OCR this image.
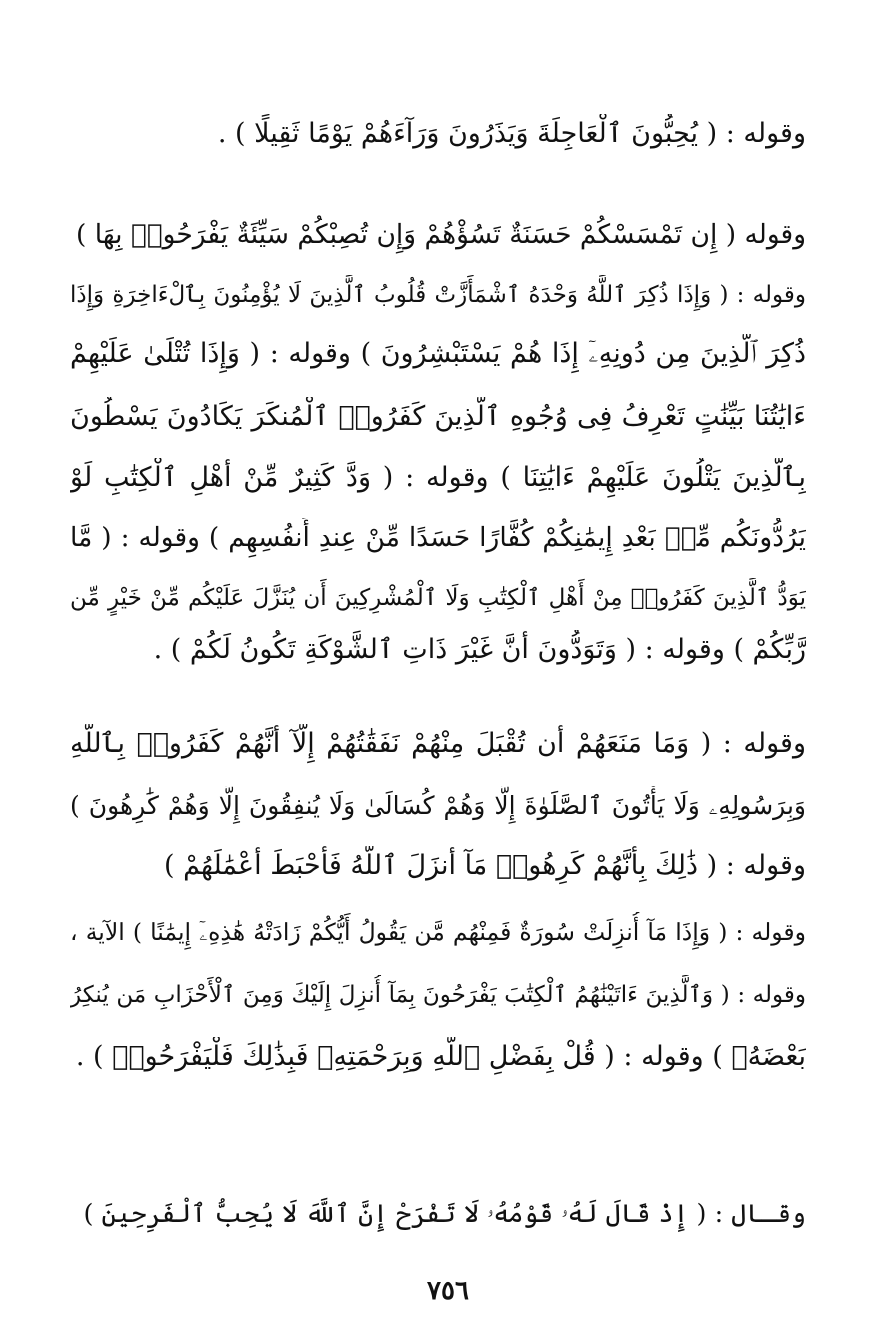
وقوله : ( يُحِبُّونَ ٱلْعَاجِلَةَ وَيَذَرُونَ وَرَآءَهُمْ يَوْمًا ثَقِيلًا ) .
وقوله ( إِن تَمْسَسْكُمْ حَسَنَةٌ تَسُؤْهُمْ وَإِن تُصِبْكُمْ سَيِّئَةٌ يَفْرَحُوا۟ بِهَا )
وقوله : ( وَإِذَا ذُكِرَ ٱللَّهُ وَحْدَهُ ٱشْمَأَزَّتْ قُلُوبُ ٱلَّذِينَ لَا يُؤْمِنُونَ بِٱلْءَاخِرَةِ وَإِذَا
ذُكِرَ ٱلَّذِينَ مِن دُونِهِۦٓ إِذَا هُمْ يَسْتَبْشِرُونَ ) وقوله : ( وَإِذَا تُتْلَىٰ عَلَيْهِمْ
ءَايَٰتُنَا بَيِّنَٰتٍ تَعْرِفُ فِى وُجُوهِ ٱلَّذِينَ كَفَرُوا۟ ٱلْمُنكَرَ يَكَادُونَ يَسْطُونَ
بِٱلَّذِينَ يَتْلُونَ عَلَيْهِمْ ءَايَٰتِنَا ) وقوله : ( وَدَّ كَثِيرٌ مِّنْ أَهْلِ ٱلْكِتَٰبِ لَوْ
يَرُدُّونَكُم مِّنۢ بَعْدِ إِيمَٰنِكُمْ كُفَّارًا حَسَدًا مِّنْ عِندِ أَنفُسِهِم ) وقوله : ( مَّا
يَوَدُّ ٱلَّذِينَ كَفَرُوا۟ مِنْ أَهْلِ ٱلْكِتَٰبِ وَلَا ٱلْمُشْرِكِينَ أَن يُنَزَّلَ عَلَيْكُم مِّنْ خَيْرٍ مِّن
رَّبِّكُمْ ) وقوله : ( وَتَوَدُّونَ أَنَّ غَيْرَ ذَاتِ ٱلشَّوْكَةِ تَكُونُ لَكُمْ ) .
وقوله : ( وَمَا مَنَعَهُمْ أَن تُقْبَلَ مِنْهُمْ نَفَقَٰتُهُمْ إِلَّآ أَنَّهُمْ كَفَرُوا۟ بِٱللَّهِ
وَبِرَسُولِهِۦ وَلَا يَأْتُونَ ٱلصَّلَوٰةَ إِلَّا وَهُمْ كُسَالَىٰ وَلَا يُنفِقُونَ إِلَّا وَهُمْ كَٰرِهُونَ )
وقوله : ( ذَٰلِكَ بِأَنَّهُمْ كَرِهُوا۟ مَآ أَنزَلَ ٱللَّهُ فَأَحْبَطَ أَعْمَٰلَهُمْ )
وقوله : ( وَإِذَا مَآ أُنزِلَتْ سُورَةٌ فَمِنْهُم مَّن يَقُولُ أَيُّكُمْ زَادَتْهُ هَٰذِهِۦٓ إِيمَٰنًا ) الآية ،
وقوله : ( وَٱلَّذِينَ ءَاتَيْنَٰهُمُ ٱلْكِتَٰبَ يَفْرَحُونَ بِمَآ أُنزِلَ إِلَيْكَ وَمِنَ ٱلْأَحْزَابِ مَن يُنكِرُ
بَعْضَهُۥ ) وقوله : ( قُلْ بِفَضْلِ ٱللَّهِ وَبِرَحْمَتِهِۦ فَبِذَٰلِكَ فَلْيَفْرَحُوا۟ ) .
وقـال : ( إِذْ قَالَ لَهُۥ قَوْمُهُۥ لَا تَفْرَحْ إِنَّ ٱللَّهَ لَا يُحِبُّ ٱلْفَرِحِينَ )
٧٥٦
